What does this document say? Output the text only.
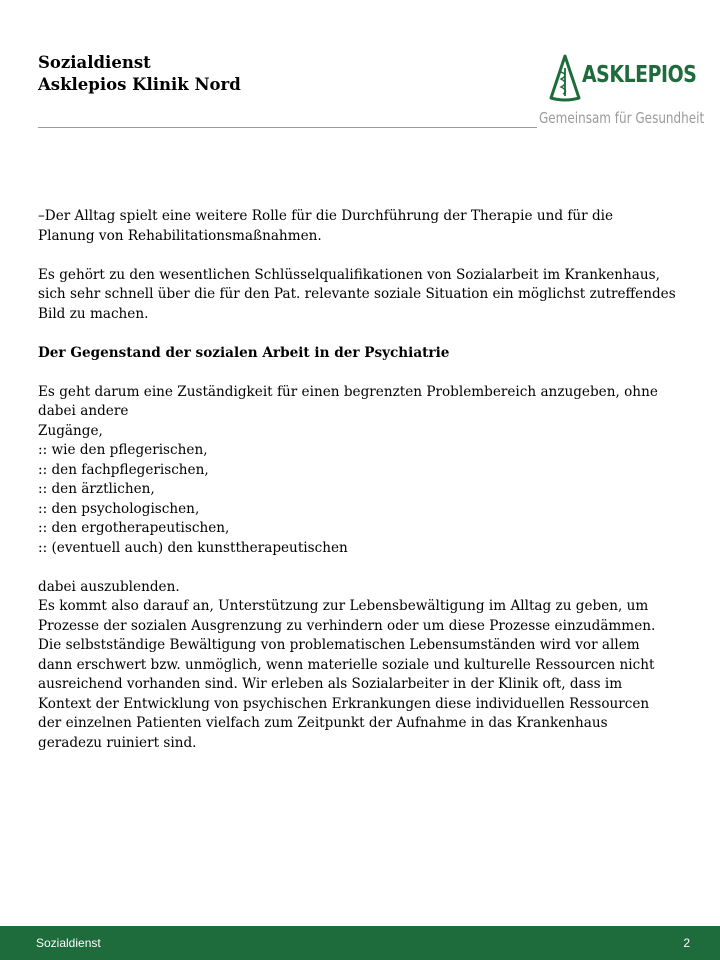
Sozialdienst
Asklepios Klinik Nord	ASKLEPIOS
Gemeinsam für Gesundheit

–Der Alltag spielt eine weitere Rolle für die Durchführung der Therapie und für die

Planung von Rehabilitationsmaßnahmen.

Es gehört zu den wesentlichen Schlüsselqualifikationen von Sozialarbeit im Krankenhaus,

sich sehr schnell über die für den Pat. relevante soziale Situation ein möglichst zutreffendes

Bild zu machen.

Der Gegenstand der sozialen Arbeit in der Psychiatrie

Es geht darum eine Zuständigkeit für einen begrenzten Problembereich anzugeben, ohne

dabei andere

Zugänge,

:: wie den pflegerischen,

:: den fachpflegerischen,

:: den ärztlichen,

:: den psychologischen,

:: den ergotherapeutischen,

:: (eventuell auch) den kunsttherapeutischen

dabei auszublenden.

Es kommt also darauf an, Unterstützung zur Lebensbewältigung im Alltag zu geben, um

Prozesse der sozialen Ausgrenzung zu verhindern oder um diese Prozesse einzudämmen.

Die selbstständige Bewältigung von problematischen Lebensumständen wird vor allem

dann erschwert bzw. unmöglich, wenn materielle soziale und kulturelle Ressourcen nicht

ausreichend vorhanden sind. Wir erleben als Sozialarbeiter in der Klinik oft, dass im

Kontext der Entwicklung von psychischen Erkrankungen diese individuellen Ressourcen

der einzelnen Patienten vielfach zum Zeitpunkt der Aufnahme in das Krankenhaus

geradezu ruiniert sind.

Sozialdienst	2
